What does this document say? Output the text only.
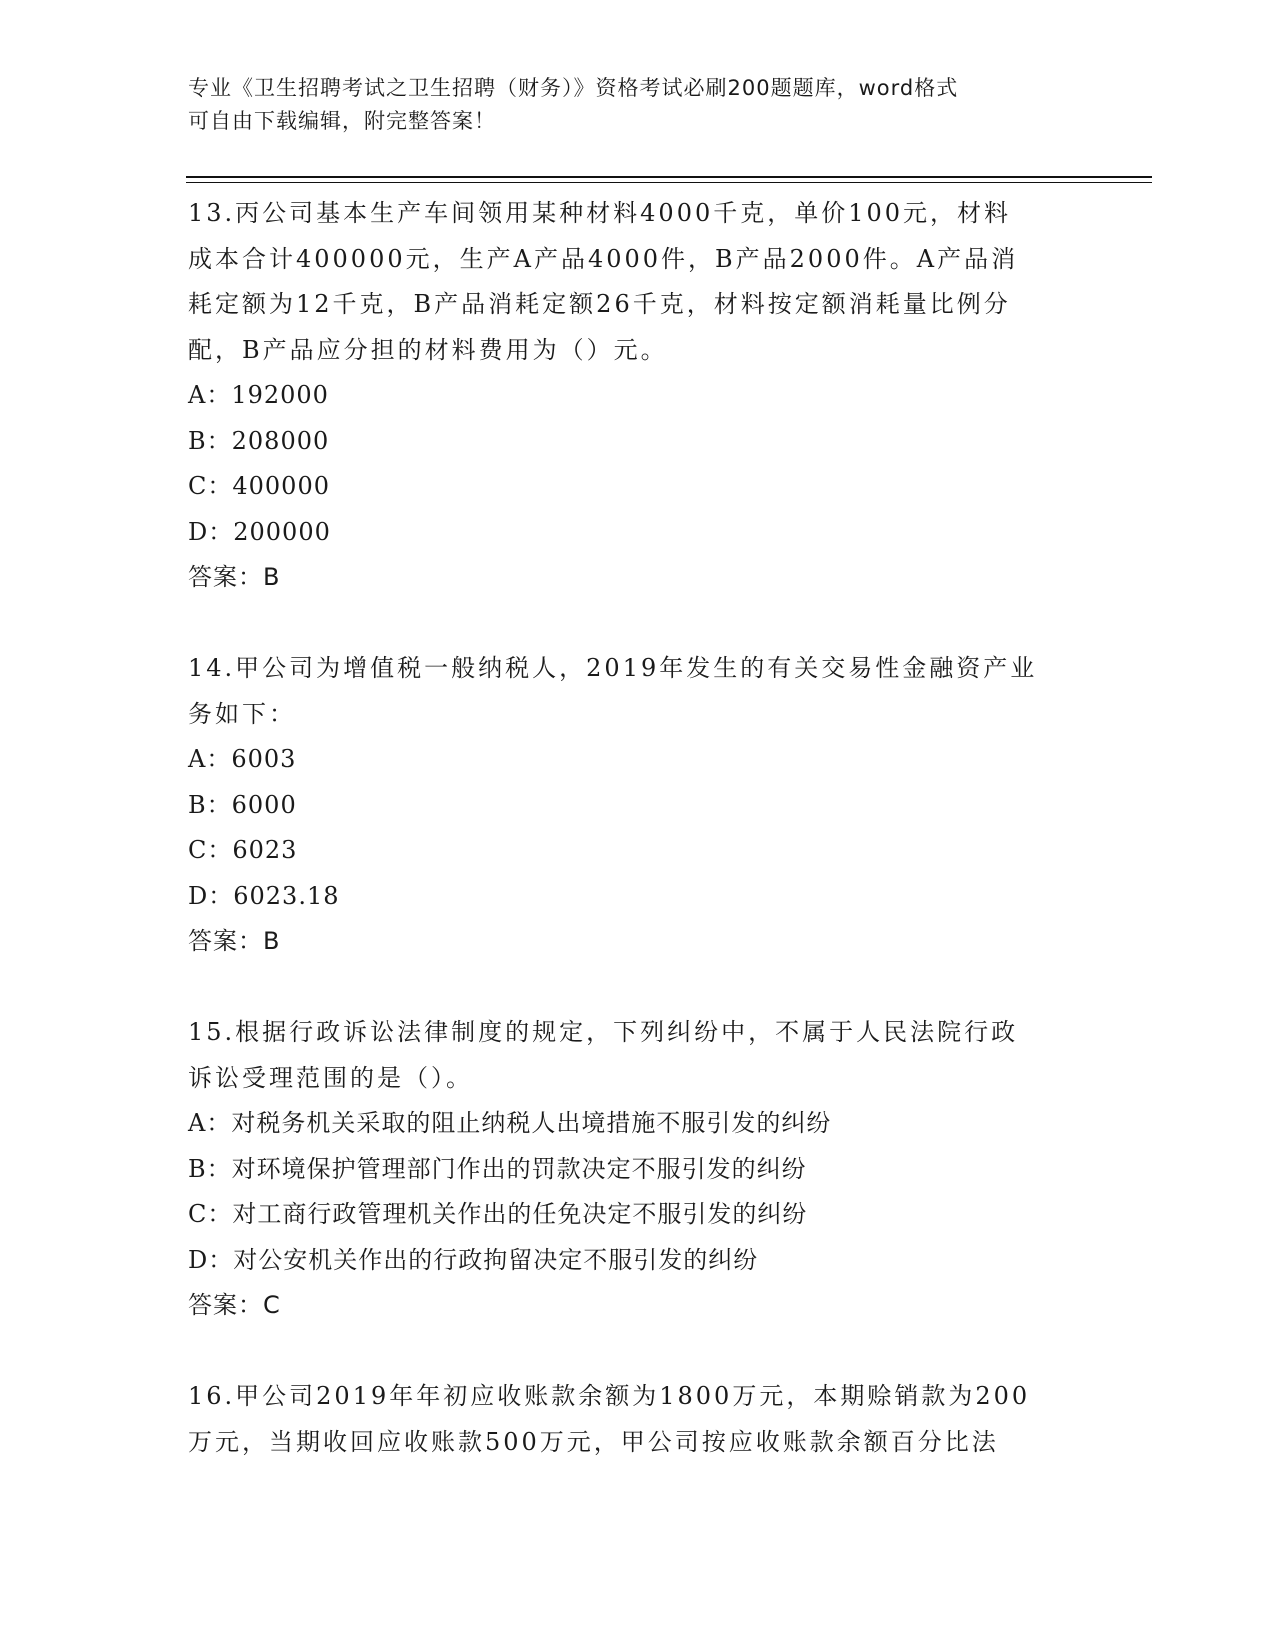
专业《卫生招聘考试之卫生招聘（财务）》资格考试必刷200题题库，word格式
可自由下载编辑，附完整答案！

13.丙公司基本生产车间领用某种材料4000千克，单价100元，材料

成本合计400000元，生产A产品4000件，B产品2000件。A产品消

耗定额为12千克，B产品消耗定额26千克，材料按定额消耗量比例分

配，B产品应分担的材料费用为（）元。

A：192000

B：208000

C：400000

D：200000

答案：B

14.甲公司为增值税一般纳税人，2019年发生的有关交易性金融资产业

务如下：

A：6003

B：6000

C：6023

D：6023.18

答案：B

15.根据行政诉讼法律制度的规定，下列纠纷中，不属于人民法院行政

诉讼受理范围的是（）。

A：对税务机关采取的阻止纳税人出境措施不服引发的纠纷

B：对环境保护管理部门作出的罚款决定不服引发的纠纷

C：对工商行政管理机关作出的任免决定不服引发的纠纷

D：对公安机关作出的行政拘留决定不服引发的纠纷

答案：C

16.甲公司2019年年初应收账款余额为1800万元，本期赊销款为200

万元，当期收回应收账款500万元，甲公司按应收账款余额百分比法
